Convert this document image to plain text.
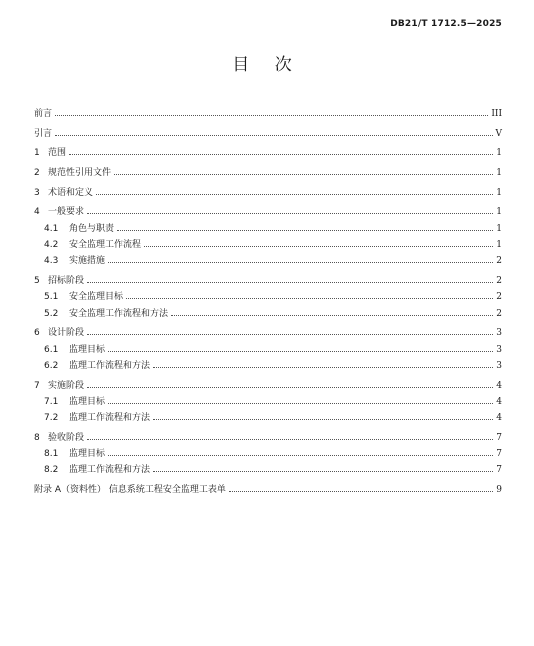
DB21/T 1712.5—2025
目 次
前言	III
引言	V
1 范围	1
2 规范性引用文件	1
3 术语和定义	1
4 一般要求	1
4.1	角色与职责	1
4.2	安全监理工作流程	1
4.3	实施措施	2
5 招标阶段	2
5.1	安全监理目标	2
5.2	安全监理工作流程和方法	2
6 设计阶段	3
6.1	监理目标	3
6.2	监理工作流程和方法	3
7 实施阶段	4
7.1	监理目标	4
7.2	监理工作流程和方法	4
8 验收阶段	7
8.1	监理目标	7
8.2	监理工作流程和方法	7
附录 A（资料性） 信息系统工程安全监理工表单	9
